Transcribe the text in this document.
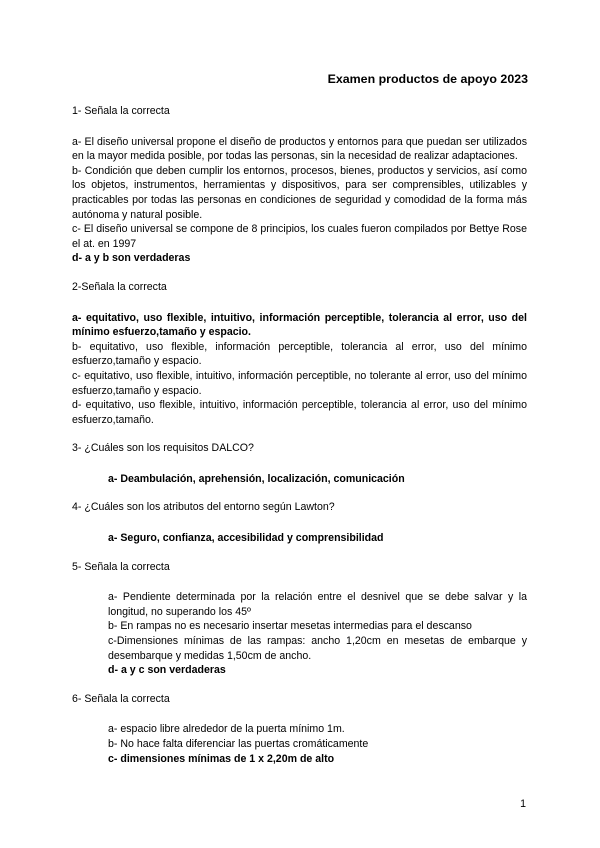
Examen productos de apoyo 2023

1- Señala la correcta

a- El diseño universal propone el diseño de productos y entornos para que puedan ser utilizados en la mayor medida posible, por todas las personas, sin la necesidad de realizar adaptaciones.

b- Condición que deben cumplir los entornos, procesos, bienes, productos y servicios, así como los objetos, instrumentos, herramientas y dispositivos, para ser comprensibles, utilizables y practicables por todas las personas en condiciones de seguridad y comodidad de la forma más autónoma y natural posible.

c- El diseño universal se compone de 8 principios, los cuales fueron compilados por Bettye Rose el at. en 1997

d- a y b son verdaderas

2-Señala la correcta

a- equitativo, uso flexible, intuitivo, información perceptible, tolerancia al error, uso del mínimo esfuerzo,tamaño y espacio.

b- equitativo, uso flexible, información perceptible, tolerancia al error, uso del mínimo esfuerzo,tamaño y espacio.

c- equitativo, uso flexible, intuitivo, información perceptible, no tolerante al error, uso del mínimo esfuerzo,tamaño y espacio.

d- equitativo, uso flexible, intuitivo, información perceptible, tolerancia al error, uso del mínimo esfuerzo,tamaño.

3- ¿Cuáles son los requisitos DALCO?

a- Deambulación, aprehensión, localización, comunicación

4- ¿Cuáles son los atributos del entorno según Lawton?

a- Seguro, confianza, accesibilidad y comprensibilidad

5- Señala la correcta

a- Pendiente determinada por la relación entre el desnivel que se debe salvar y la longitud, no superando los 45º

b- En rampas no es necesario insertar mesetas intermedias para el descanso

c-Dimensiones mínimas de las rampas: ancho 1,20cm en mesetas de embarque y desembarque y medidas 1,50cm de ancho.

d- a y c son verdaderas

6- Señala la correcta

a- espacio libre alrededor de la puerta mínimo 1m.

b- No hace falta diferenciar las puertas cromáticamente

c- dimensiones mínimas de 1 x 2,20m de alto

1
